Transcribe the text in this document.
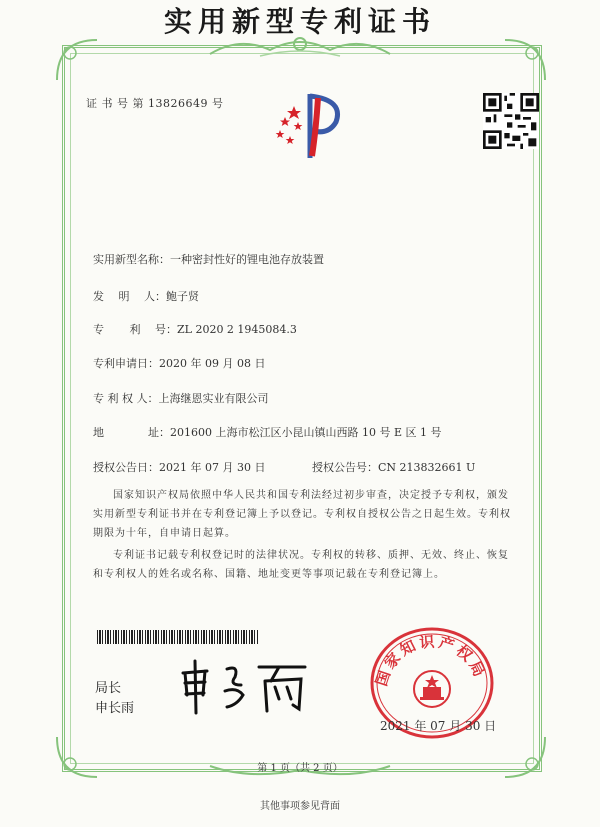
证 书 号 第 13826649 号
实用新型专利证书
实用新型名称：一种密封性好的锂电池存放装置
发　 明　 人：鲍子贤
专　　 利　 号：ZL 2020 2 1945084.3
专利申请日：2020 年 09 月 08 日
专 利 权 人：上海继恩实业有限公司
地　　　　址：201600 上海市松江区小昆山镇山西路 10 号 E 区 1 号
授权公告日：2021 年 07 月 30 日	授权公告号：CN 213832661 U
国家知识产权局依照中华人民共和国专利法经过初步审查，决定授予专利权，颁发实用新型专利证书并在专利登记簿上予以登记。专利权自授权公告之日起生效。专利权期限为十年，自申请日起算。
专利证书记载专利权登记时的法律状况。专利权的转移、质押、无效、终止、恢复和专利权人的姓名或名称、国籍、地址变更等事项记载在专利登记簿上。
局长
申长雨
国家知识产权局
2021 年 07 月 30 日
第 1 页（共 2 页）
其他事项参见背面
